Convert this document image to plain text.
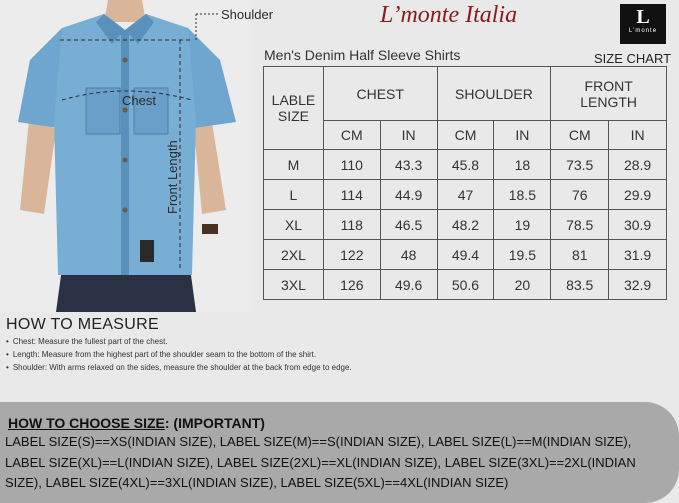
Shoulder
Chest
Front Length
L’monte Italia	L
L'monte
Men's Denim Half Sleeve Shirts	SIZE CHART
LABLE
SIZE	CHEST		SHOULDER		FRONT
LENGTH	
	CM	IN	CM	IN	CM	IN
M	110	43.3	45.8	18	73.5	28.9
L	114	44.9	47	18.5	76	29.9
XL	118	46.5	48.2	19	78.5	30.9
2XL	122	48	49.4	19.5	81	31.9
3XL	126	49.6	50.6	20	83.5	32.9
HOW TO MEASURE
• Chest: Measure the fullest part of the chest.
• Length: Measure from the highest part of the shoulder seam to the bottom of the shirt.
• Shoulder: With arms relaxed on the sides, measure the shoulder at the back from edge to edge.
HOW TO CHOOSE SIZE: (IMPORTANT)
LABEL SIZE(S)==XS(INDIAN SIZE), LABEL SIZE(M)==S(INDIAN SIZE), LABEL SIZE(L)==M(INDIAN SIZE),
LABEL SIZE(XL)==L(INDIAN SIZE), LABEL SIZE(2XL)==XL(INDIAN SIZE), LABEL SIZE(3XL)==2XL(INDIAN
SIZE), LABEL SIZE(4XL)==3XL(INDIAN SIZE), LABEL SIZE(5XL)==4XL(INDIAN SIZE)
